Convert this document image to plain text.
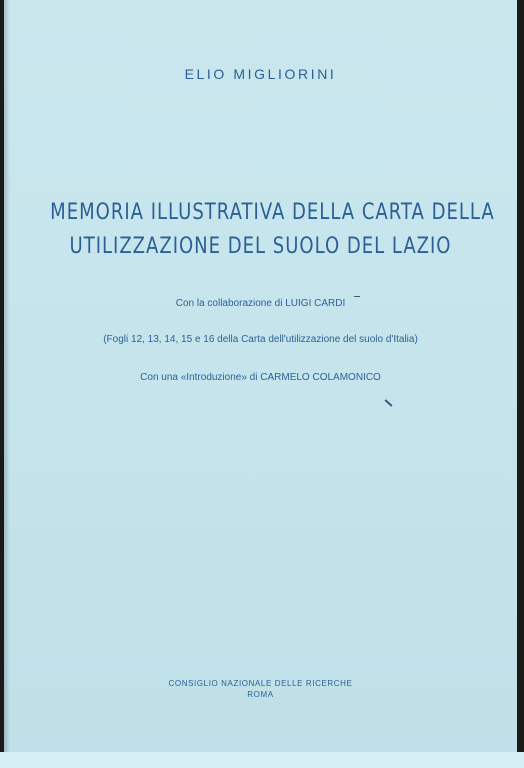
ELIO MIGLIORINI
MEMORIA ILLUSTRATIVA DELLA CARTA DELLA
UTILIZZAZIONE DEL SUOLO DEL LAZIO
Con la collaborazione di LUIGI CARDI
(Fogli 12, 13, 14, 15 e 16 della Carta dell'utilizzazione del suolo d'Italia)
Con una «Introduzione» di CARMELO COLAMONICO
CONSIGLIO NAZIONALE DELLE RICERCHE
ROMA
